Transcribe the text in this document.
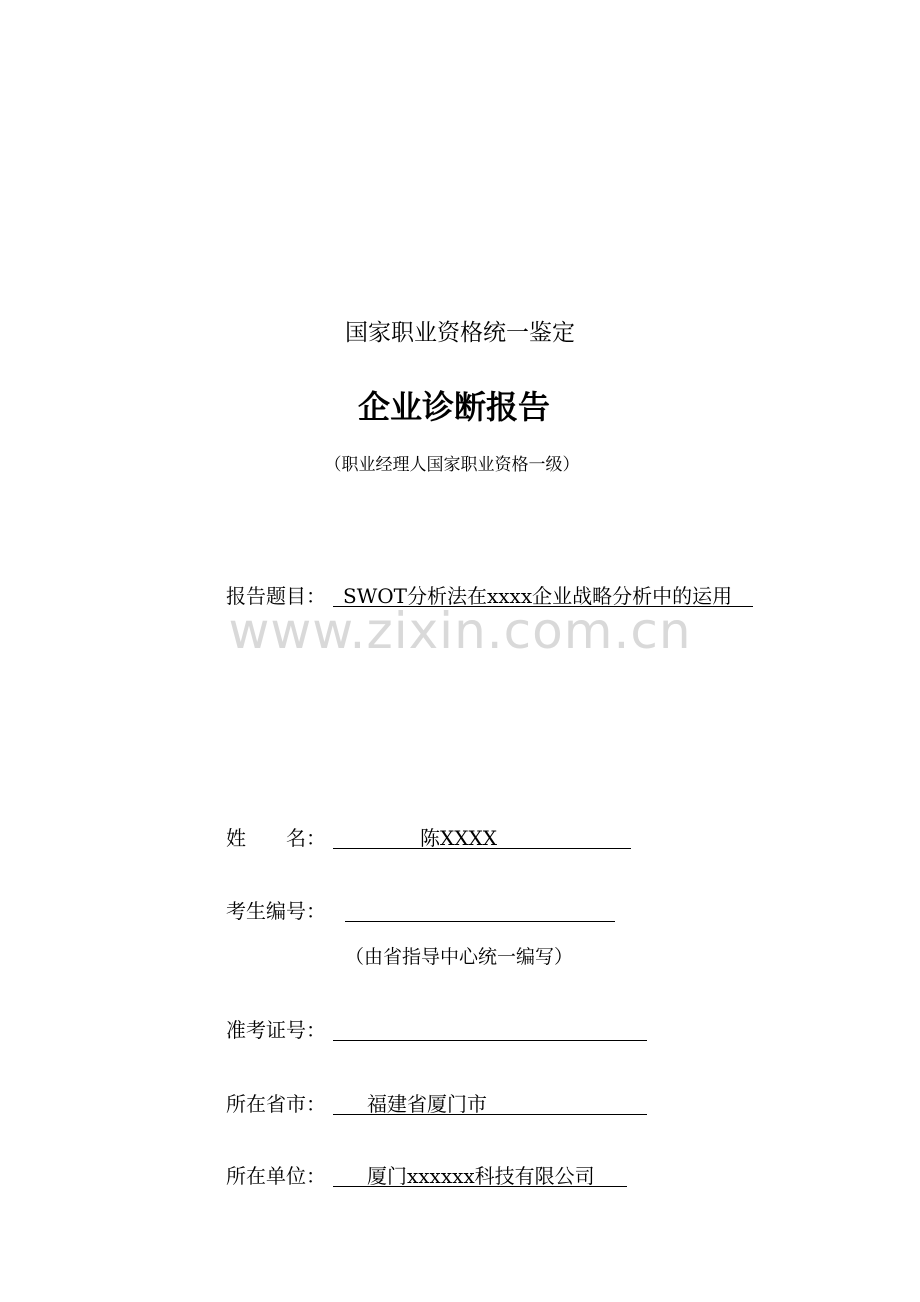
国家职业资格统一鉴定
企业诊断报告
（职业经理人国家职业资格一级）
报告题目： SWOT分析法在xxxx企业战略分析中的运用
www.zixin.com.cn
姓　　名：	陈XXXX
考生编号：
（由省指导中心统一编写）
准考证号：
所在省市：	福建省厦门市
所在单位：	厦门xxxxxx科技有限公司
